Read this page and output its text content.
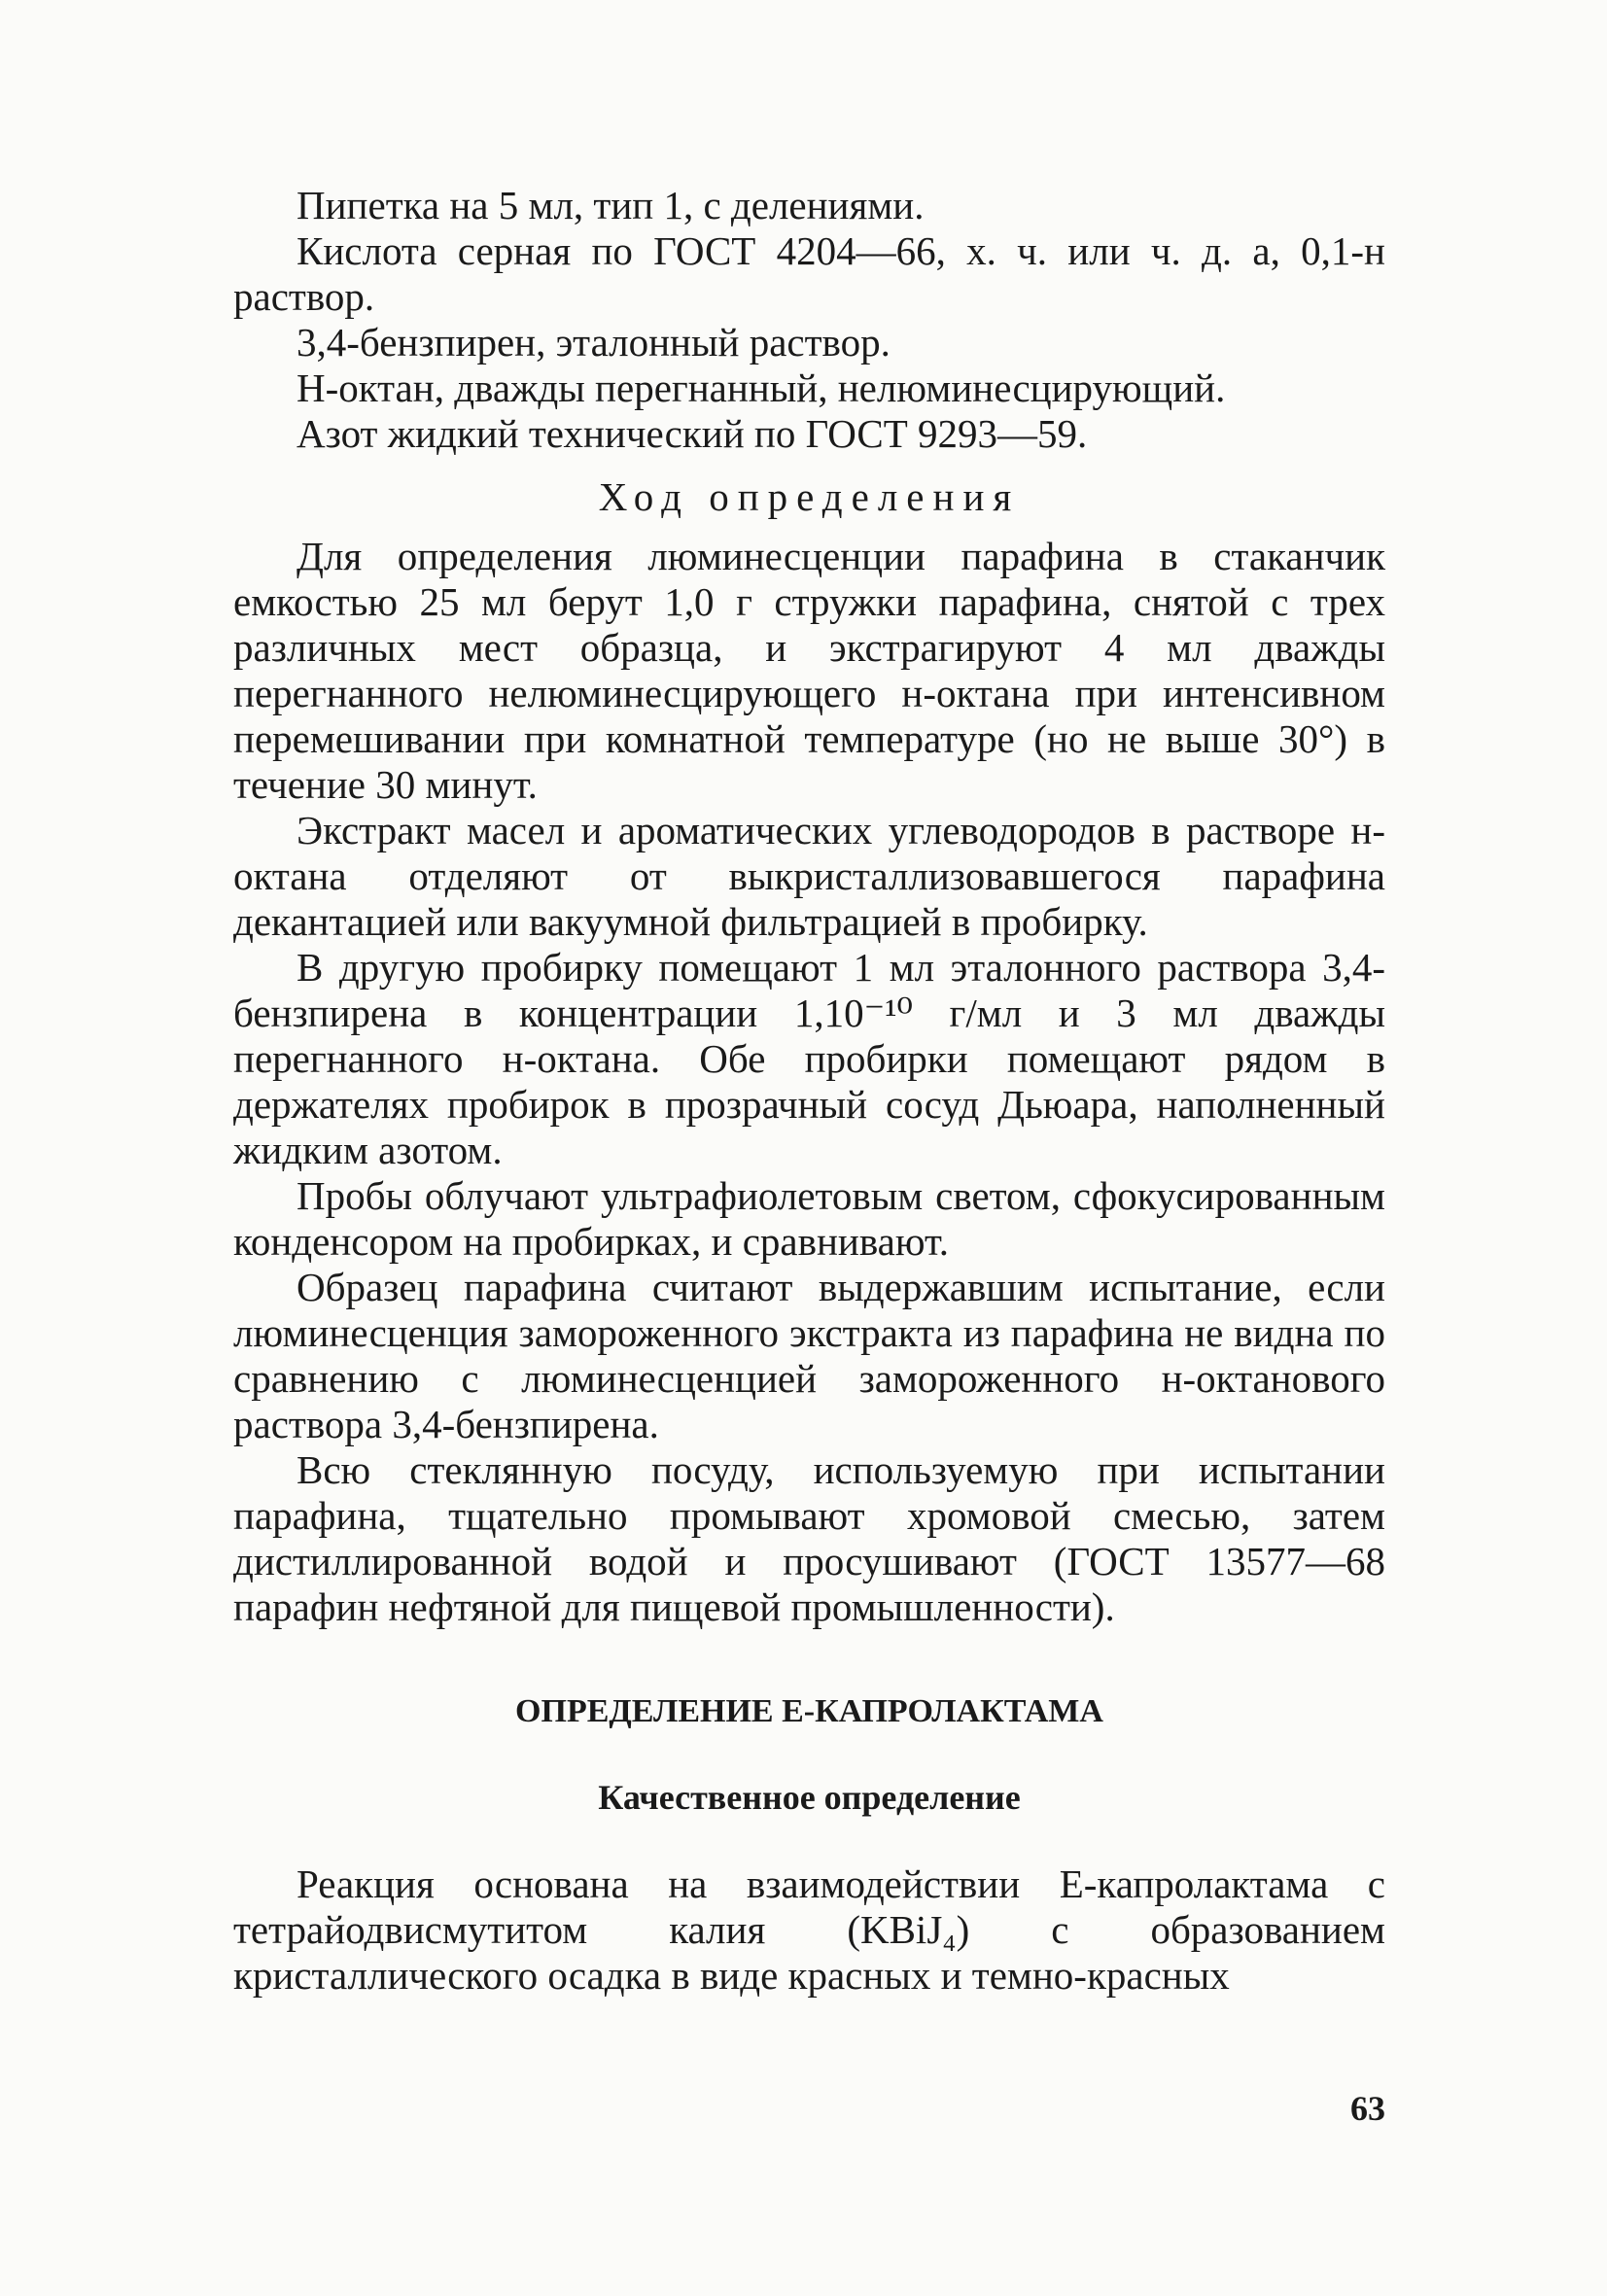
Пипетка на 5 мл, тип 1, с делениями.

Кислота серная по ГОСТ 4204—66, х. ч. или ч. д. а, 0,1-н раствор.

3,4-бензпирен, эталонный раствор.

Н-октан, дважды перегнанный, нелюминесцирующий.

Азот жидкий технический по ГОСТ 9293—59.

Ход определения

Для определения люминесценции парафина в стаканчик емкостью 25 мл берут 1,0 г стружки парафина, снятой с трех различных мест образца, и экстрагируют 4 мл дважды перегнанного нелюминесцирующего н-октана при интенсивном перемешивании при комнатной температуре (но не выше 30°) в течение 30 минут.

Экстракт масел и ароматических углеводородов в растворе н-октана отделяют от выкристаллизовавшегося парафина декантацией или вакуумной фильтрацией в пробирку.

В другую пробирку помещают 1 мл эталонного раствора 3,4-бензпирена в концентрации 1,10⁻¹⁰ г/мл и 3 мл дважды перегнанного н-октана. Обе пробирки помещают рядом в держателях пробирок в прозрачный сосуд Дьюара, наполненный жидким азотом.

Пробы облучают ультрафиолетовым светом, сфокусированным конденсором на пробирках, и сравнивают.

Образец парафина считают выдержавшим испытание, если люминесценция замороженного экстракта из парафина не видна по сравнению с люминесценцией замороженного н-октанового раствора 3,4-бензпирена.

Всю стеклянную посуду, используемую при испытании парафина, тщательно промывают хромовой смесью, затем дистиллированной водой и просушивают (ГОСТ 13577—68 парафин нефтяной для пищевой промышленности).

ОПРЕДЕЛЕНИЕ Е-КАПРОЛАКТАМА
Качественное определение

Реакция основана на взаимодействии Е-капролактама с тетрайодвисмутитом калия (KBiJ₄) с образованием кристаллического осадка в виде красных и темно-красных

63
